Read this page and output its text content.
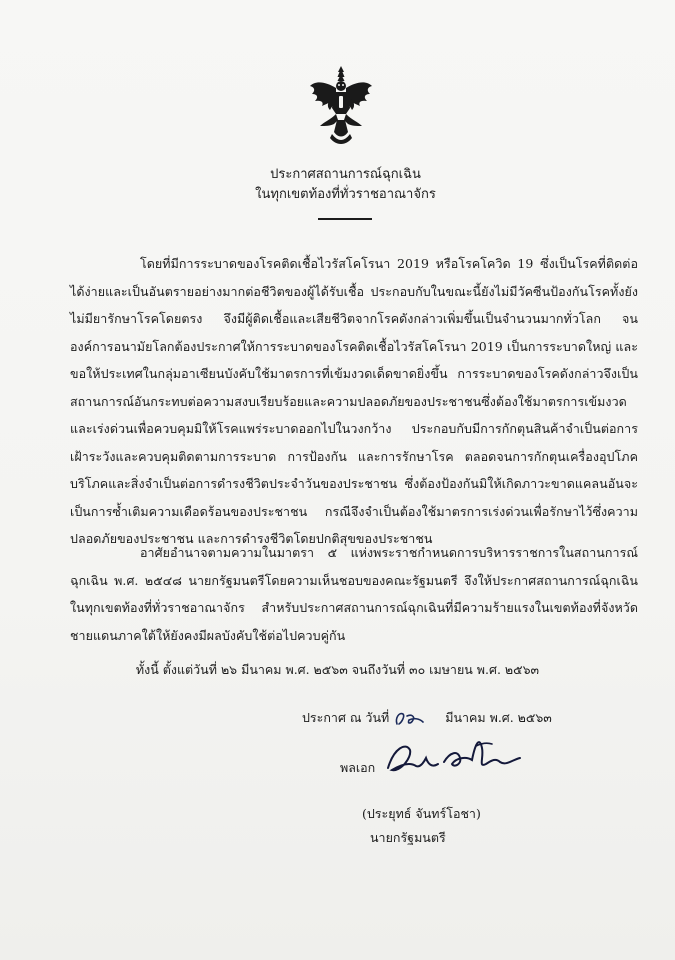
ประกาศสถานการณ์ฉุกเฉิน
ในทุกเขตท้องที่ทั่วราชอาณาจักร
โดยที่มีการระบาดของโรคติดเชื้อไวรัสโคโรนา 2019 หรือโรคโควิด 19 ซึ่งเป็นโรคที่ติดต่อได้ง่ายและเป็นอันตรายอย่างมากต่อชีวิตของผู้ได้รับเชื้อ ประกอบกับในขณะนี้ยังไม่มีวัคซีนป้องกันโรคทั้งยังไม่มียารักษาโรคโดยตรง จึงมีผู้ติดเชื้อและเสียชีวิตจากโรคดังกล่าวเพิ่มขึ้นเป็นจำนวนมากทั่วโลก จนองค์การอนามัยโลกต้องประกาศให้การระบาดของโรคติดเชื้อไวรัสโคโรนา 2019 เป็นการระบาดใหญ่ และขอให้ประเทศในกลุ่มอาเซียนบังคับใช้มาตรการที่เข้มงวดเด็ดขาดยิ่งขึ้น การระบาดของโรคดังกล่าวจึงเป็นสถานการณ์อันกระทบต่อความสงบเรียบร้อยและความปลอดภัยของประชาชนซึ่งต้องใช้มาตรการเข้มงวดและเร่งด่วนเพื่อควบคุมมิให้โรคแพร่ระบาดออกไปในวงกว้าง ประกอบกับมีการกักตุนสินค้าจำเป็นต่อการเฝ้าระวังและควบคุมติดตามการระบาด การป้องกัน และการรักษาโรค ตลอดจนการกักตุนเครื่องอุปโภคบริโภคและสิ่งจำเป็นต่อการดำรงชีวิตประจำวันของประชาชน ซึ่งต้องป้องกันมิให้เกิดภาวะขาดแคลนอันจะเป็นการซ้ำเติมความเดือดร้อนของประชาชน กรณีจึงจำเป็นต้องใช้มาตรการเร่งด่วนเพื่อรักษาไว้ซึ่งความปลอดภัยของประชาชน และการดำรงชีวิตโดยปกติสุขของประชาชน
อาศัยอำนาจตามความในมาตรา ๕ แห่งพระราชกำหนดการบริหารราชการในสถานการณ์ฉุกเฉิน พ.ศ. ๒๕๔๘ นายกรัฐมนตรีโดยความเห็นชอบของคณะรัฐมนตรี จึงให้ประกาศสถานการณ์ฉุกเฉินในทุกเขตท้องที่ทั่วราชอาณาจักร สำหรับประกาศสถานการณ์ฉุกเฉินที่มีความร้ายแรงในเขตท้องที่จังหวัดชายแดนภาคใต้ให้ยังคงมีผลบังคับใช้ต่อไปควบคู่กัน
ทั้งนี้ ตั้งแต่วันที่ ๒๖ มีนาคม พ.ศ. ๒๕๖๓ จนถึงวันที่ ๓๐ เมษายน พ.ศ. ๒๕๖๓
ประกาศ ณ วันที่	มีนาคม พ.ศ. ๒๕๖๓
พลเอก
(ประยุทธ์ จันทร์โอชา)
นายกรัฐมนตรี
